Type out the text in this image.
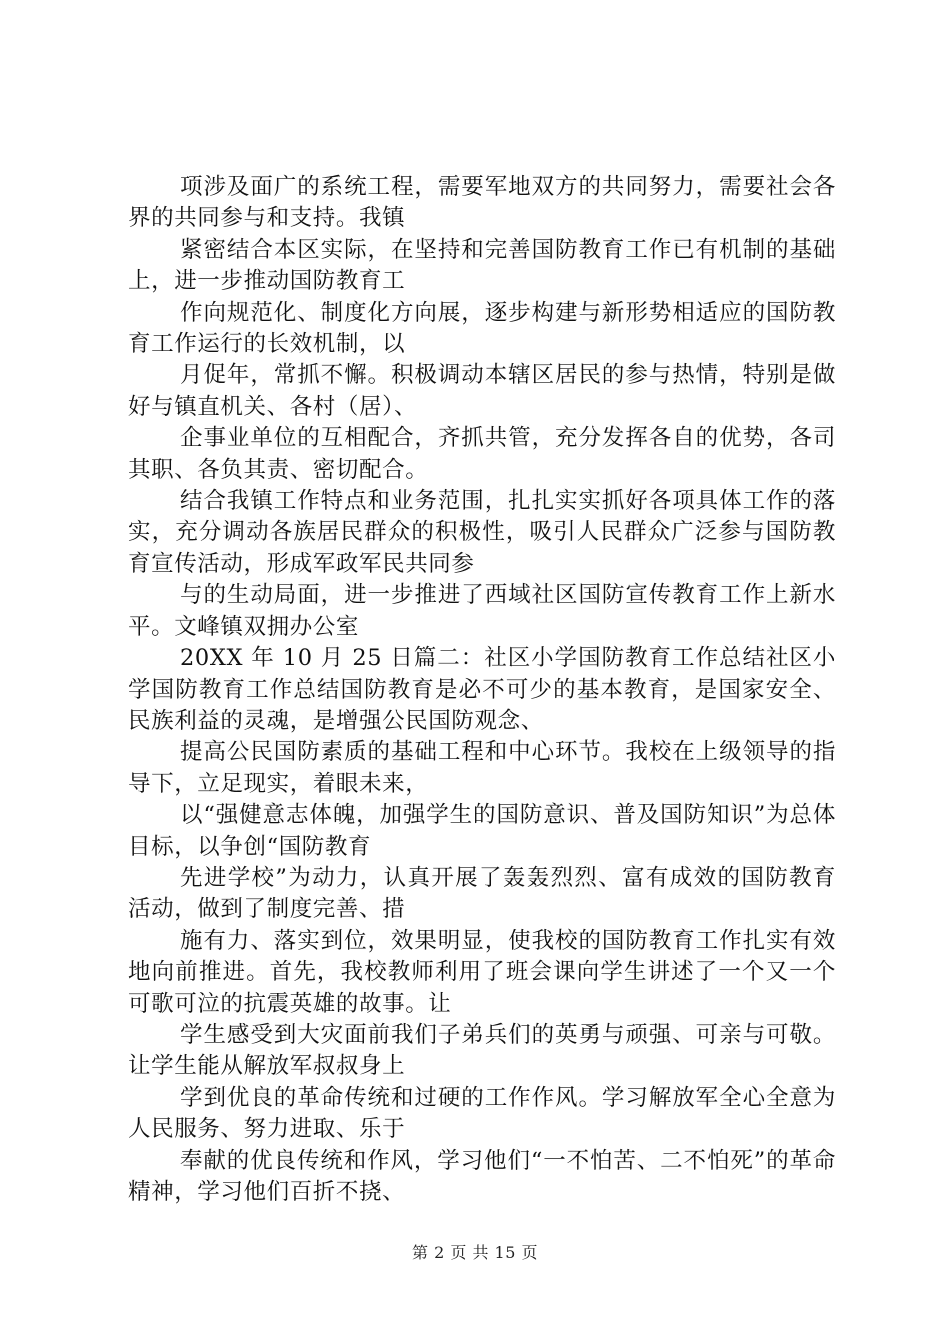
项涉及面广的系统工程，需要军地双方的共同努力，需要社会各界的共同参与和支持。我镇

紧密结合本区实际，在坚持和完善国防教育工作已有机制的基础上，进一步推动国防教育工

作向规范化、制度化方向展，逐步构建与新形势相适应的国防教育工作运行的长效机制，以

月促年，常抓不懈。积极调动本辖区居民的参与热情，特别是做好与镇直机关、各村（居）、

企事业单位的互相配合，齐抓共管，充分发挥各自的优势，各司其职、各负其责、密切配合。

结合我镇工作特点和业务范围，扎扎实实抓好各项具体工作的落实，充分调动各族居民群众的积极性，吸引人民群众广泛参与国防教育宣传活动，形成军政军民共同参

与的生动局面，进一步推进了西域社区国防宣传教育工作上新水平。文峰镇双拥办公室

20XX 年 10 月 25 日篇二：社区小学国防教育工作总结社区小学国防教育工作总结国防教育是必不可少的基本教育，是国家安全、民族利益的灵魂，是增强公民国防观念、

提高公民国防素质的基础工程和中心环节。我校在上级领导的指导下，立足现实，着眼未来，

以“强健意志体魄，加强学生的国防意识、普及国防知识”为总体目标，以争创“国防教育

先进学校”为动力，认真开展了轰轰烈烈、富有成效的国防教育活动，做到了制度完善、措

施有力、落实到位，效果明显，使我校的国防教育工作扎实有效地向前推进。首先，我校教师利用了班会课向学生讲述了一个又一个可歌可泣的抗震英雄的故事。让

学生感受到大灾面前我们子弟兵们的英勇与顽强、可亲与可敬。让学生能从解放军叔叔身上

学到优良的革命传统和过硬的工作作风。学习解放军全心全意为人民服务、努力进取、乐于

奉献的优良传统和作风，学习他们“一不怕苦、二不怕死”的革命精神，学习他们百折不挠、

第 2 页 共 15 页
